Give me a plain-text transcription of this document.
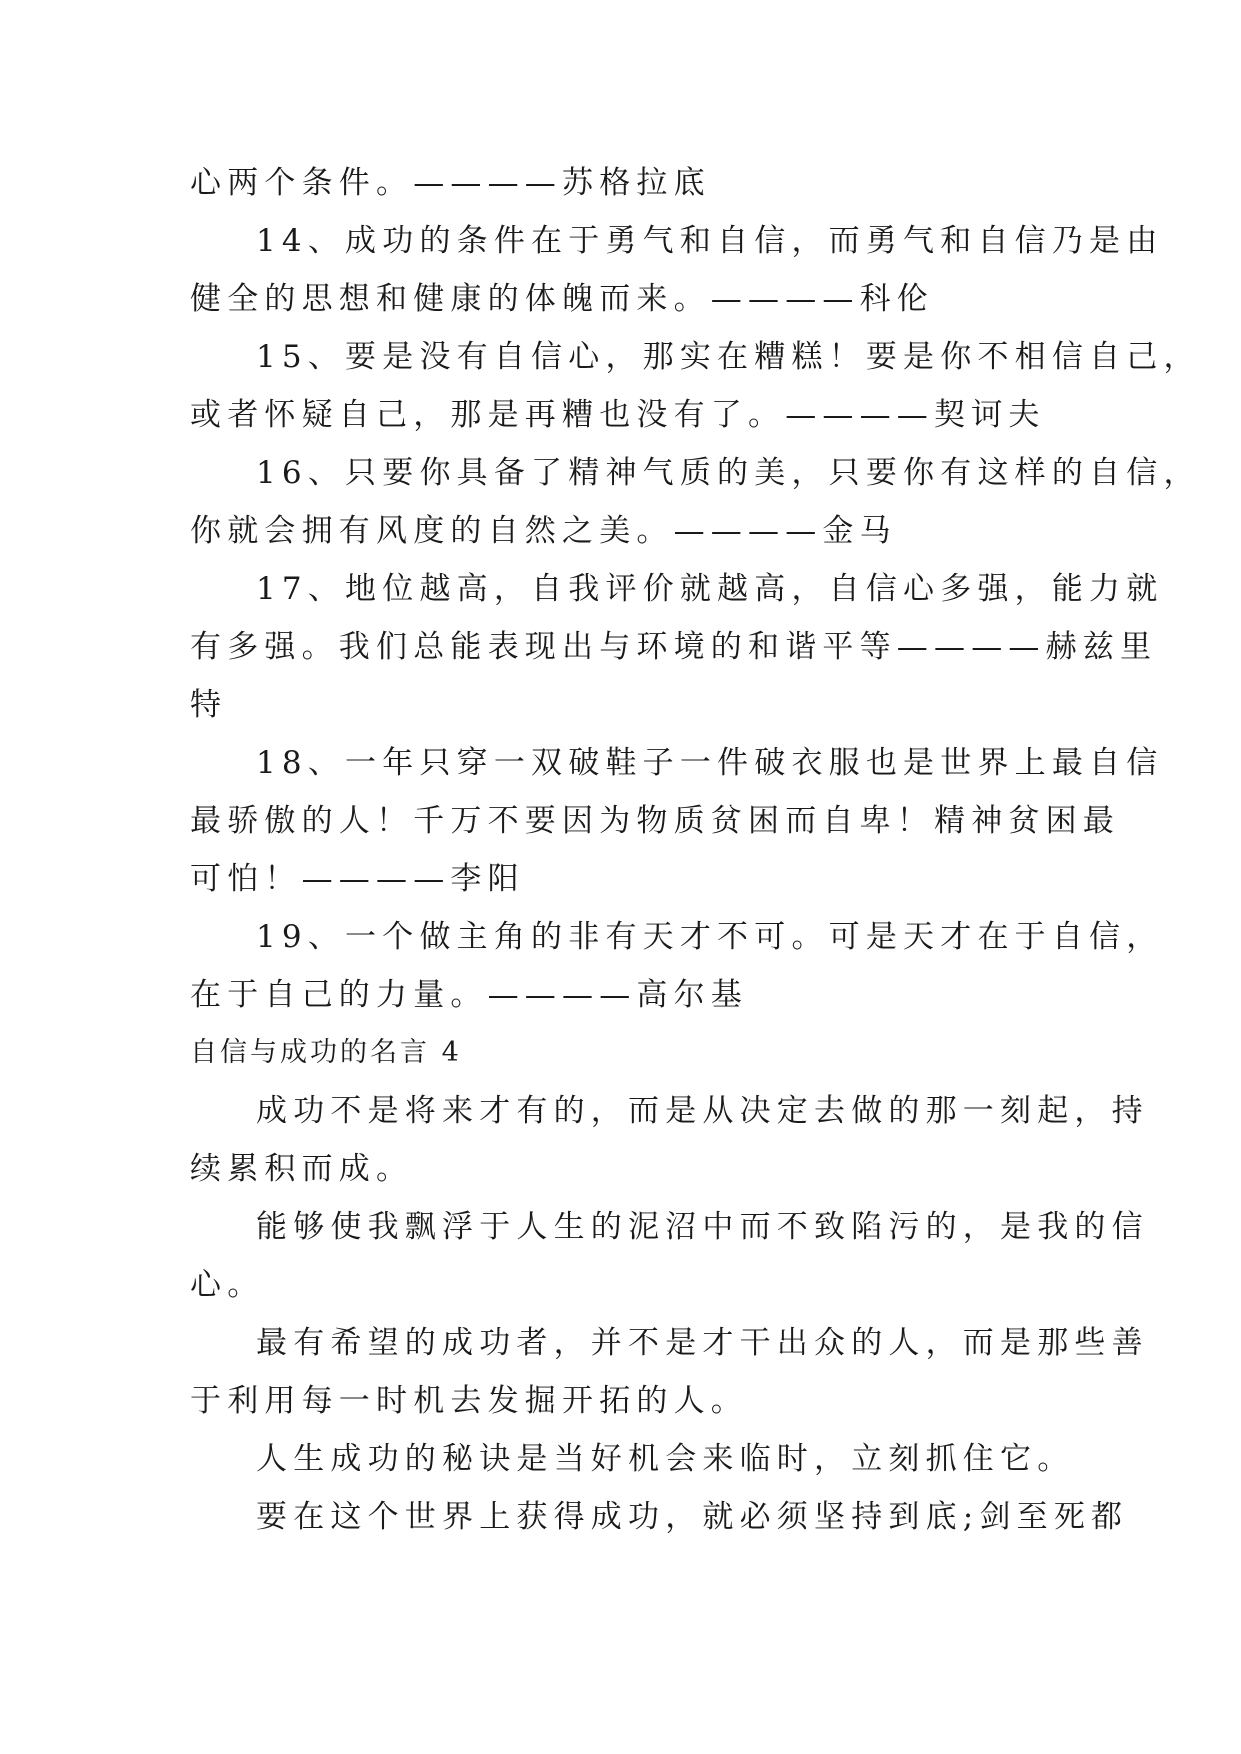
心两个条件。————苏格拉底
14、成功的条件在于勇气和自信，而勇气和自信乃是由
健全的思想和健康的体魄而来。————科伦
15、要是没有自信心，那实在糟糕！要是你不相信自己，
或者怀疑自己，那是再糟也没有了。————契诃夫
16、只要你具备了精神气质的美，只要你有这样的自信，
你就会拥有风度的自然之美。————金马
17、地位越高，自我评价就越高，自信心多强，能力就
有多强。我们总能表现出与环境的和谐平等————赫兹里
特
18、一年只穿一双破鞋子一件破衣服也是世界上最自信
最骄傲的人！千万不要因为物质贫困而自卑！精神贫困最
可怕！————李阳
19、一个做主角的非有天才不可。可是天才在于自信，
在于自己的力量。————高尔基
自信与成功的名言 4
成功不是将来才有的，而是从决定去做的那一刻起，持
续累积而成。
能够使我飘浮于人生的泥沼中而不致陷污的，是我的信
心。
最有希望的成功者，并不是才干出众的人，而是那些善
于利用每一时机去发掘开拓的人。
人生成功的秘诀是当好机会来临时，立刻抓住它。
要在这个世界上获得成功，就必须坚持到底;剑至死都
